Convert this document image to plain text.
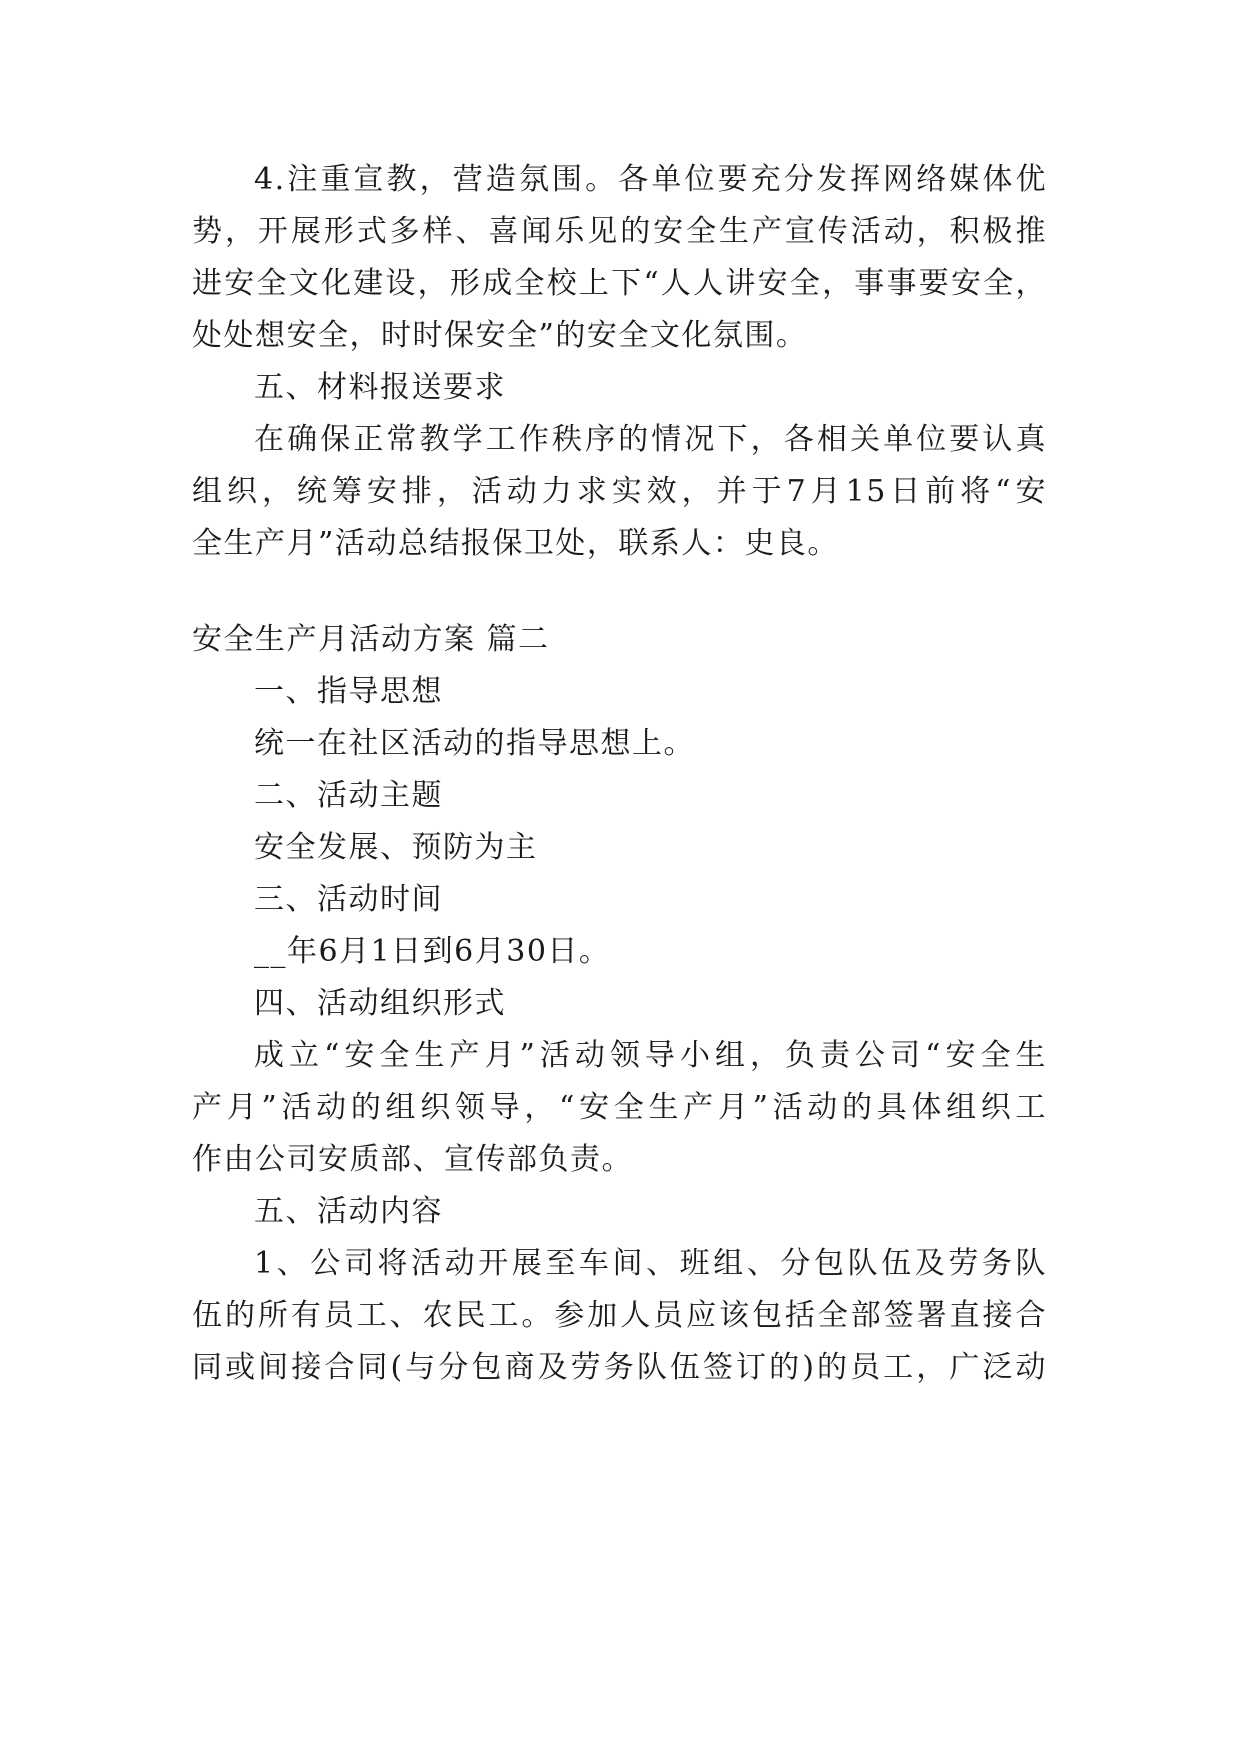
4.注重宣教，营造氛围。各单位要充分发挥网络媒体优
势，开展形式多样、喜闻乐见的安全生产宣传活动，积极推
进安全文化建设，形成全校上下“人人讲安全，事事要安全，
处处想安全，时时保安全”的安全文化氛围。
五、材料报送要求
在确保正常教学工作秩序的情况下，各相关单位要认真
组织，统筹安排，活动力求实效，并于7月15日前将“安
全生产月”活动总结报保卫处，联系人：史良。
安全生产月活动方案 篇二
一、指导思想
统一在社区活动的指导思想上。
二、活动主题
安全发展、预防为主
三、活动时间
__年6月1日到6月30日。
四、活动组织形式
成立“安全生产月”活动领导小组，负责公司“安全生
产月”活动的组织领导，“安全生产月”活动的具体组织工
作由公司安质部、宣传部负责。
五、活动内容
1、公司将活动开展至车间、班组、分包队伍及劳务队
伍的所有员工、农民工。参加人员应该包括全部签署直接合
同或间接合同(与分包商及劳务队伍签订的)的员工，广泛动
